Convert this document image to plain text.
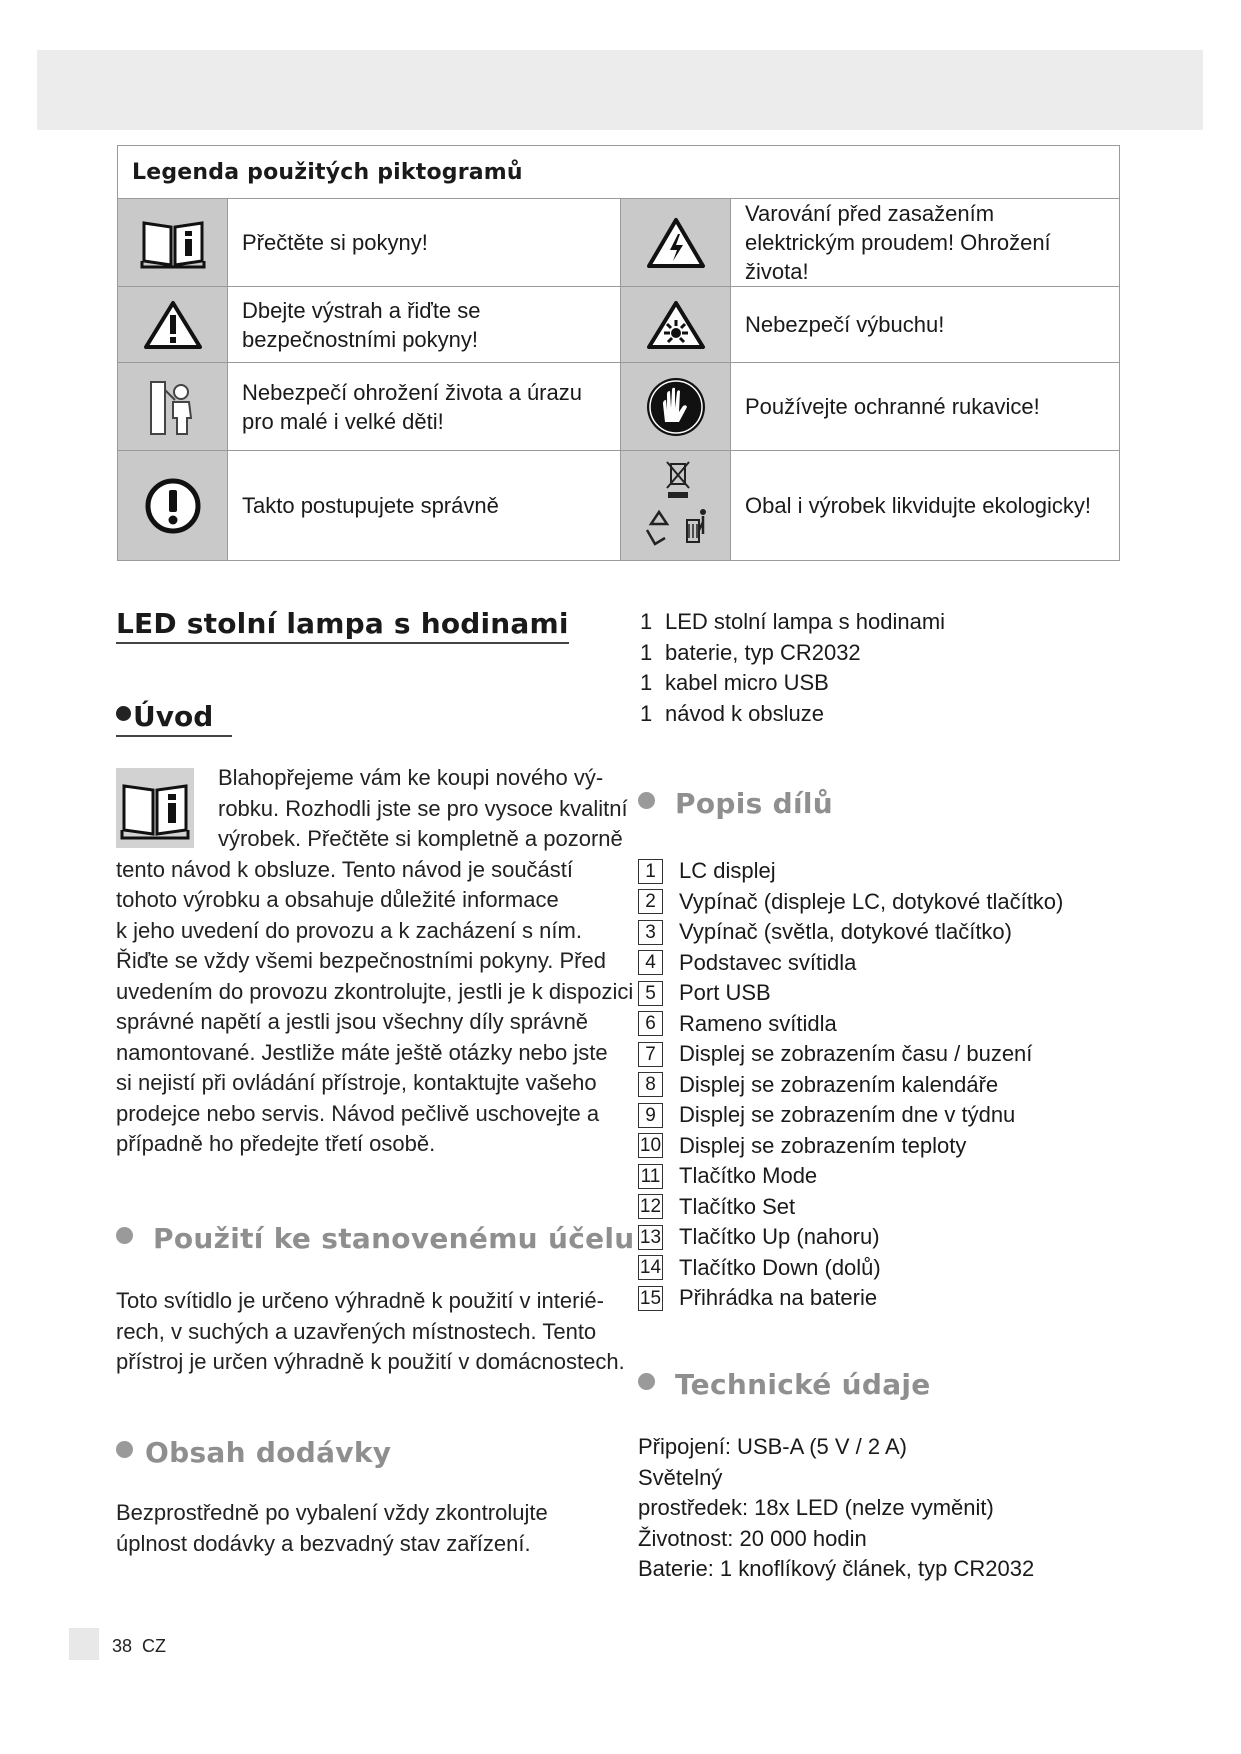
Legenda použitých piktogramů			

	Přečtěte si pokyny!		Varování před zasažením elektrickým proudem! Ohrožení života!

	Dbejte výstrah a řiďte se bezpečnostními pokyny!		Nebezpečí výbuchu!

	Nebezpečí ohrožení života a úrazu pro malé i velké děti!		Používejte ochranné rukavice!

	Takto postupujete správně		Obal i výrobek likvidujte ekologicky!
LED stolní lampa s hodinami
Úvod

Blahopřejeme vám ke koupi nového vý-

robku. Rozhodli jste se pro vysoce kvalitní

výrobek. Přečtěte si kompletně a pozorně

tento návod k obsluze. Tento návod je součástí

tohoto výrobku a obsahuje důležité informace

k jeho uvedení do provozu a k zacházení s ním.

Řiďte se vždy všemi bezpečnostními pokyny. Před

uvedením do provozu zkontrolujte, jestli je k dispozici

správné napětí a jestli jsou všechny díly správně

namontované. Jestliže máte ještě otázky nebo jste

si nejistí při ovládání přístroje, kontaktujte vašeho

prodejce nebo servis. Návod pečlivě uschovejte a

případně ho předejte třetí osobě.

Použití ke stanovenému účelu

Toto svítidlo je určeno výhradně k použití v interié-

rech, v suchých a uzavřených místnostech. Tento

přístroj je určen výhradně k použití v domácnostech.

Obsah dodávky

Bezprostředně po vybalení vždy zkontrolujte

úplnost dodávky a bezvadný stav zařízení.

1 LED stolní lampa s hodinami
1 baterie, typ CR2032
1 kabel micro USB
1 návod k obsluze
Popis dílů
1	LC displej
2	Vypínač (displeje LC, dotykové tlačítko)
3	Vypínač (světla, dotykové tlačítko)
4	Podstavec svítidla
5	Port USB
6	Rameno svítidla
7	Displej se zobrazením času / buzení
8	Displej se zobrazením kalendáře
9	Displej se zobrazením dne v týdnu
10 Displej se zobrazením teploty
11 Tlačítko Mode
12 Tlačítko Set
13 Tlačítko Up (nahoru)
14 Tlačítko Down (dolů)
15 Přihrádka na baterie
Technické údaje

Připojení: USB-A (5 V / 2 A)

Světelný

prostředek: 18x LED (nelze vyměnit)

Životnost: 20 000 hodin

Baterie: 1 knoflíkový článek, typ CR2032

38 CZ
